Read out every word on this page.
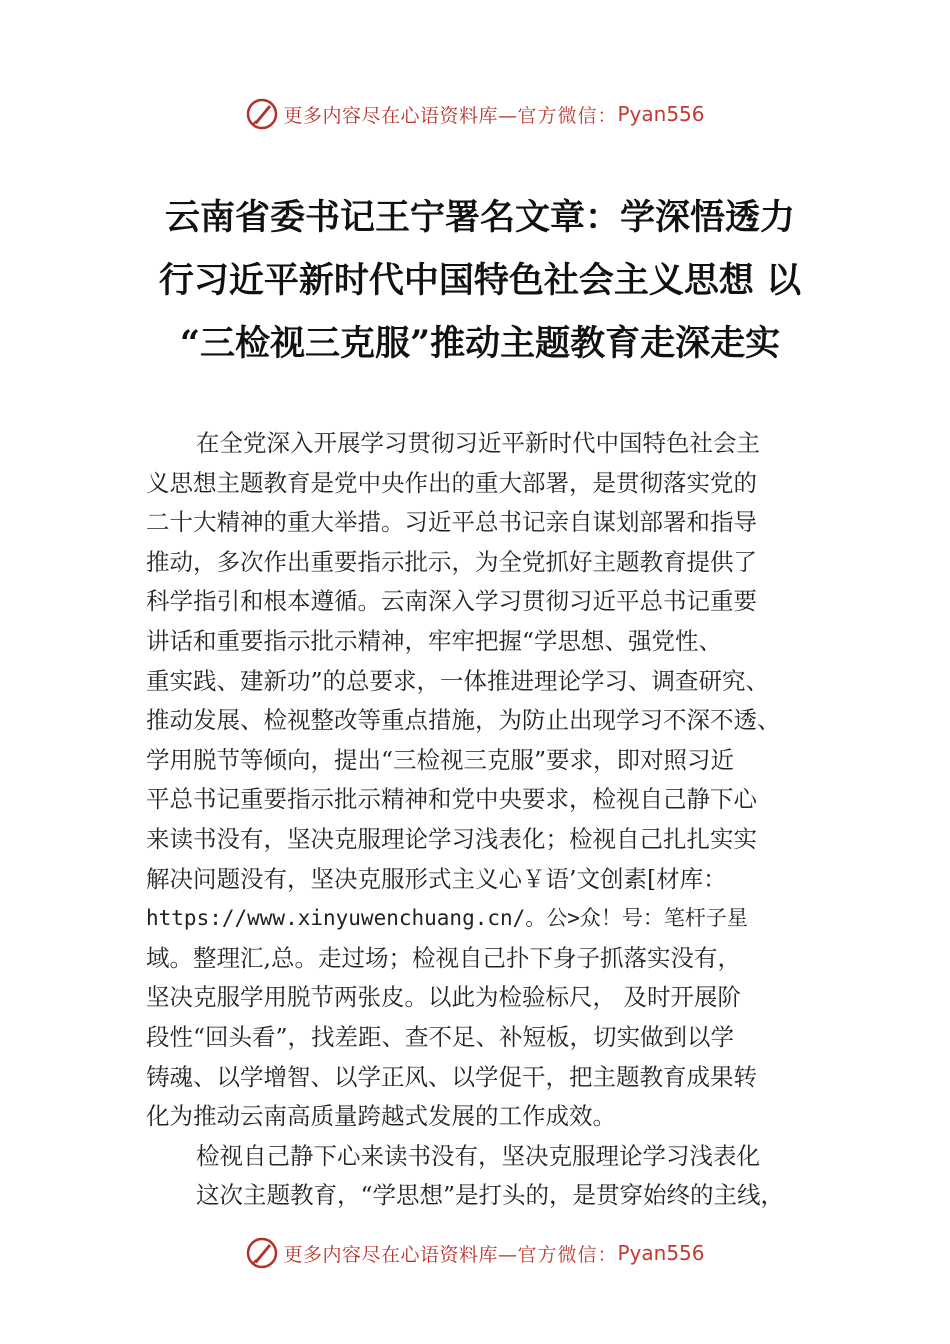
更多内容尽在心语资料库— 官方微信： Pyan556
云南省委书记王宁署名文章：学深悟透力
行习近平新时代中国特色社会主义思想 以
“三检视三克服”推动主题教育走深走实
在全党深入开展学习贯彻习近平新时代中国特色社会主
义思想主题教育是党中央作出的重大部署，是贯彻落实党的
二十大精神的重大举措。习近平总书记亲自谋划部署和指导
推动，多次作出重要指示批示，为全党抓好主题教育提供了
科学指引和根本遵循。云南深入学习贯彻习近平总书记重要
讲话和重要指示批示精神，牢牢把握“学思想、强党性、
重实践、建新功”的总要求，一体推进理论学习、调查研究、
推动发展、检视整改等重点措施，为防止出现学习不深不透、
学用脱节等倾向，提出“三检视三克服”要求，即对照习近
平总书记重要指示批示精神和党中央要求，检视自己静下心
来读书没有，坚决克服理论学习浅表化；检视自己扎扎实实
解决问题没有，坚决克服形式主义心￥语’文创素[材库：
https://www.xinyuwenchuang.cn/。公>众！号：笔杆子星
域。整理汇,总。走过场；检视自己扑下身子抓落实没有，
坚决克服学用脱节两张皮。以此为检验标尺， 及时开展阶
段性“回头看”，找差距、查不足、补短板，切实做到以学
铸魂、以学增智、以学正风、以学促干，把主题教育成果转
化为推动云南高质量跨越式发展的工作成效。
检视自己静下心来读书没有，坚决克服理论学习浅表化
这次主题教育，“学思想”是打头的，是贯穿始终的主线，
更多内容尽在心语资料库— 官方微信： Pyan556
